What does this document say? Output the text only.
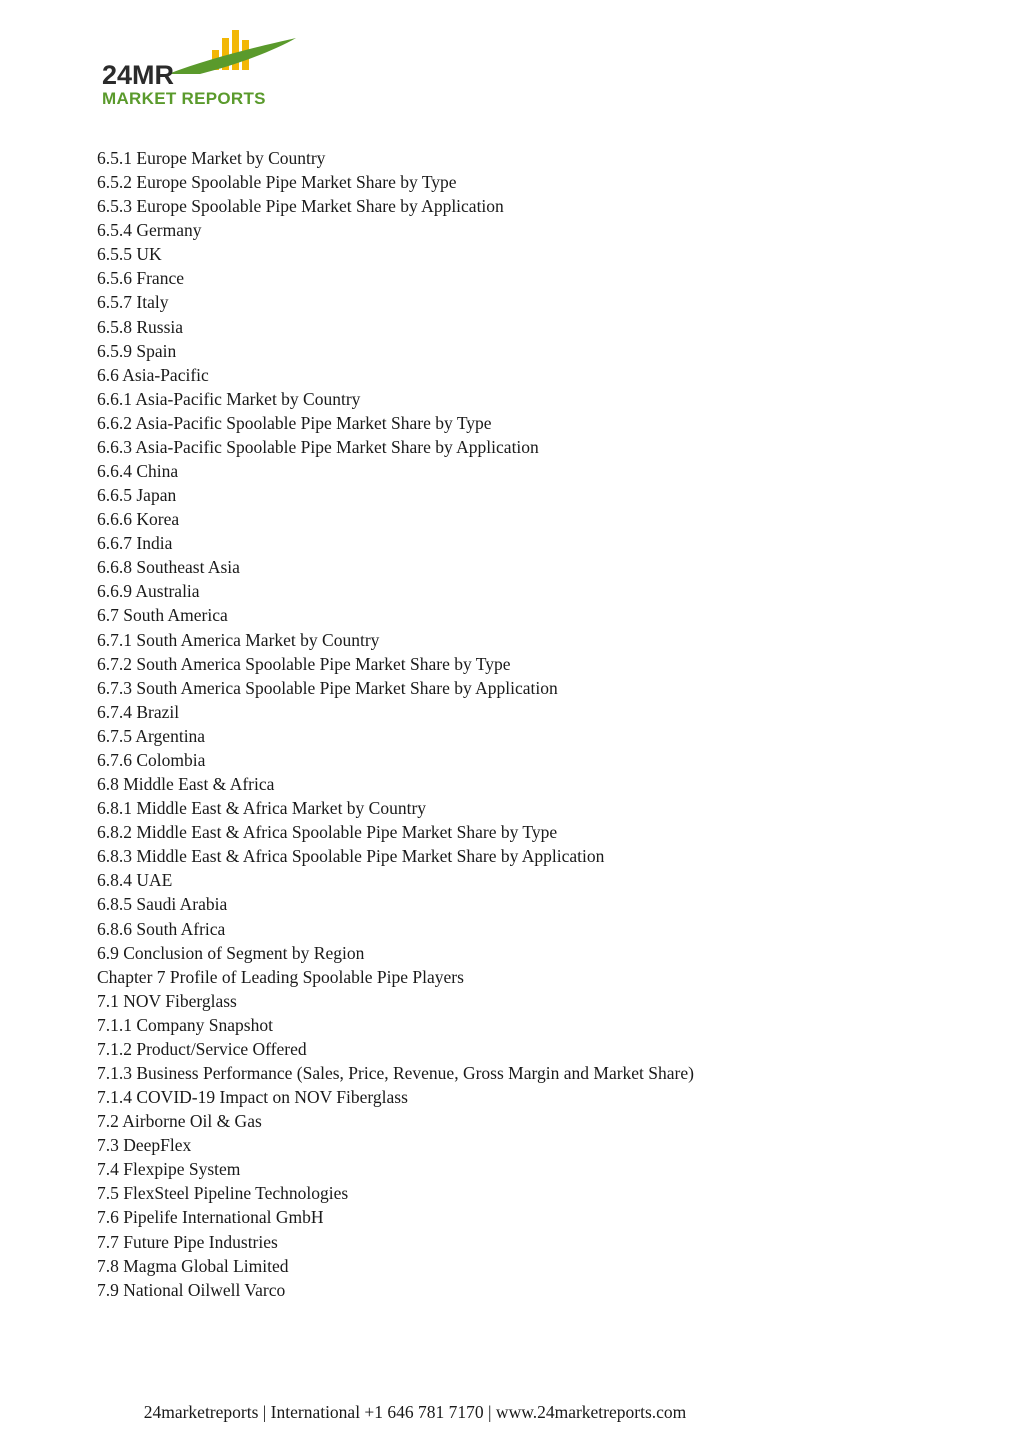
24MR
MARKET REPORTS
6.5.1 Europe Market by Country
6.5.2 Europe Spoolable Pipe Market Share by Type
6.5.3 Europe Spoolable Pipe Market Share by Application
6.5.4 Germany
6.5.5 UK
6.5.6 France
6.5.7 Italy
6.5.8 Russia
6.5.9 Spain
6.6 Asia-Pacific
6.6.1 Asia-Pacific Market by Country
6.6.2 Asia-Pacific Spoolable Pipe Market Share by Type
6.6.3 Asia-Pacific Spoolable Pipe Market Share by Application
6.6.4 China
6.6.5 Japan
6.6.6 Korea
6.6.7 India
6.6.8 Southeast Asia
6.6.9 Australia
6.7 South America
6.7.1 South America Market by Country
6.7.2 South America Spoolable Pipe Market Share by Type
6.7.3 South America Spoolable Pipe Market Share by Application
6.7.4 Brazil
6.7.5 Argentina
6.7.6 Colombia
6.8 Middle East & Africa
6.8.1 Middle East & Africa Market by Country
6.8.2 Middle East & Africa Spoolable Pipe Market Share by Type
6.8.3 Middle East & Africa Spoolable Pipe Market Share by Application
6.8.4 UAE
6.8.5 Saudi Arabia
6.8.6 South Africa
6.9 Conclusion of Segment by Region
Chapter 7 Profile of Leading Spoolable Pipe Players
7.1 NOV Fiberglass
7.1.1 Company Snapshot
7.1.2 Product/Service Offered
7.1.3 Business Performance (Sales, Price, Revenue, Gross Margin and Market Share)
7.1.4 COVID-19 Impact on NOV Fiberglass
7.2 Airborne Oil & Gas
7.3 DeepFlex
7.4 Flexpipe System
7.5 FlexSteel Pipeline Technologies
7.6 Pipelife International GmbH
7.7 Future Pipe Industries
7.8 Magma Global Limited
7.9 National Oilwell Varco
24marketreports | International +1 646 781 7170 | www.24marketreports.com
